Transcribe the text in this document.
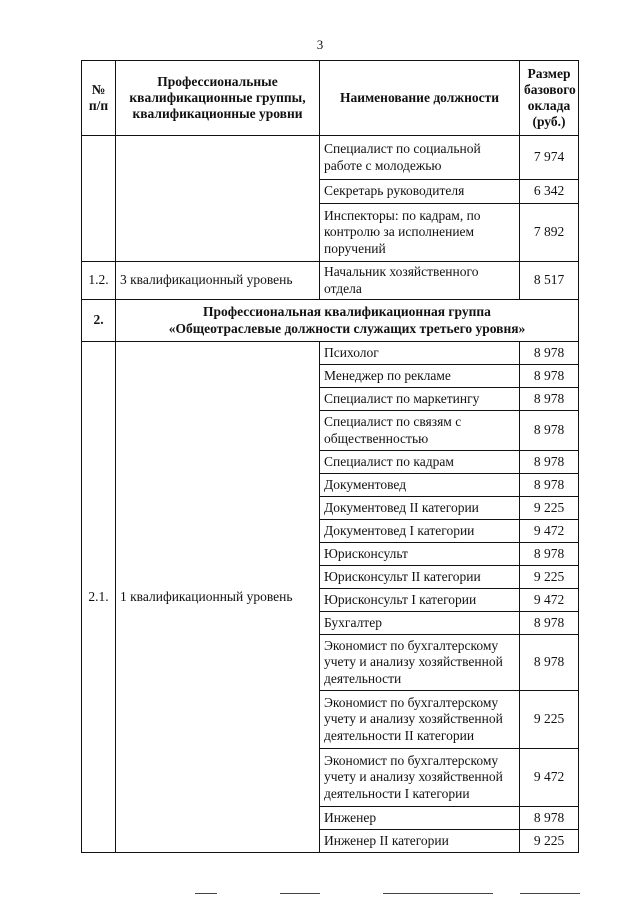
3
№ п/п	Профессиональные квалификационные группы, квалификационные уровни	Наименование должности	Размер базового оклада (руб.)
		Специалист по социальной работе с молодежью	7 974
		Секретарь руководителя	6 342
		Инспекторы: по кадрам, по контролю за исполнением поручений	7 892
1.2.	3 квалификационный уровень	Начальник хозяйственного отдела	8 517
2.	Профессиональная квалификационная группа
«Общеотраслевые должности служащих третьего уровня»		

2.1.	1 квалификационный уровень	Психолог	8 978
		Менеджер по рекламе	8 978
		Специалист по маркетингу	8 978
		Специалист по связям с общественностью	8 978
		Специалист по кадрам	8 978
		Документовед	8 978
		Документовед II категории	9 225
		Документовед I категории	9 472
		Юрисконсульт	8 978
		Юрисконсульт II категории	9 225
		Юрисконсульт I категории	9 472
		Бухгалтер	8 978
		Экономист по бухгалтерскому учету и анализу хозяйственной деятельности	8 978
		Экономист по бухгалтерскому учету и анализу хозяйственной деятельности II категории	9 225
		Экономист по бухгалтерскому учету и анализу хозяйственной деятельности I категории	9 472
		Инженер	8 978
		Инженер II категории	9 225
